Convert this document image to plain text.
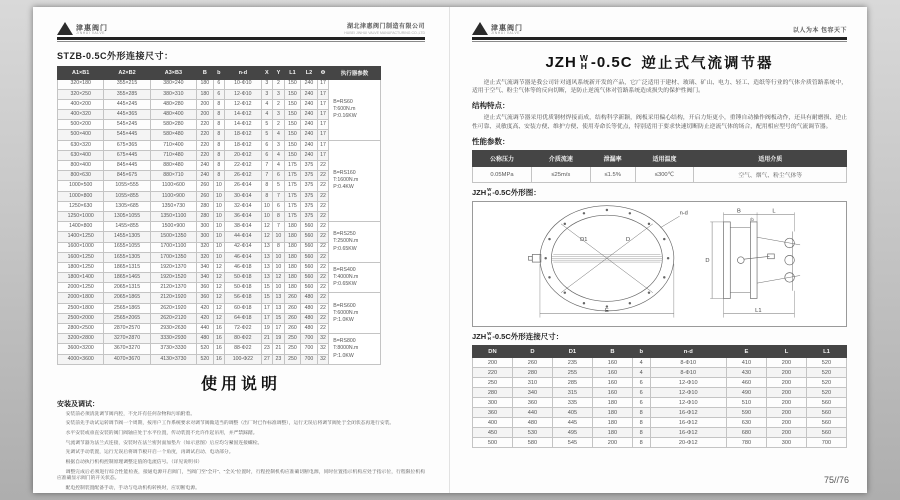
津惠阀门
JINHUI VALVE
湖北津惠阀门制造有限公司
HUBEI JINHUI VALVE MANUFACTURING CO.,LTD
STZB-0.5C外形连接尺寸：
A1×B1	A2×B2	A3×B3	B	b	n-d	X	Y	L1	L2	Φ	执行器参数
320×180	355×215	380×240	180	6	10-Φ10	3	2	150	240	17	B=RS60
T:600N.m
P:0.16KW

320×250	355×285	380×310	180	6	12-Φ10	3	3	150	240	17	
400×200	445×245	480×280	200	8	12-Φ12	4	2	150	240	17	
400×320	445×365	480×400	200	8	14-Φ12	4	3	150	240	17	
500×200	545×245	580×280	220	8	14-Φ12	5	2	150	240	17	
500×400	545×445	580×480	220	8	18-Φ12	5	4	150	240	17	
630×320	675×365	710×400	220	8	18-Φ12	6	3	150	240	17	B=RS160
T:1600N.m
P:0.4KW

630×400	675×445	710×480	220	8	20-Φ12	6	4	150	240	17	
800×400	845×445	880×480	240	8	22-Φ12	7	4	175	375	22	
800×630	845×675	880×710	240	8	26-Φ12	7	6	175	375	22	
1000×500	1055×555	1100×600	260	10	26-Φ14	8	5	175	375	22	
1000×800	1055×855	1100×900	260	10	30-Φ14	8	7	175	375	22	
1250×630	1305×685	1350×730	280	10	32-Φ14	10	6	175	375	22	
1250×1000	1305×1055	1350×1100	280	10	36-Φ14	10	8	175	375	22	
1400×800	1455×855	1500×900	300	10	38-Φ14	12	7	180	560	22	B=RS250
T:2500N.m
P:0.65KW

1400×1250	1455×1305	1500×1350	300	10	44-Φ14	12	10	180	560	22	
1600×1000	1655×1055	1700×1100	320	10	42-Φ14	13	8	180	560	22	
1600×1250	1655×1305	1700×1350	320	10	46-Φ14	13	10	180	560	22	
1800×1250	1865×1315	1920×1370	340	12	46-Φ18	13	10	180	560	22	B=RS400
T:4000N.m
P:0.65KW

1800×1400	1865×1465	1920×1520	340	12	50-Φ18	13	12	180	560	22	
2000×1250	2065×1315	2120×1370	360	12	50-Φ18	15	10	180	560	22	
2000×1800	2065×1865	2120×1920	360	12	56-Φ18	15	13	260	480	22	B=RS600
T:6000N.m
P:1.0KW

2500×1800	2565×1865	2620×1920	420	12	60-Φ18	17	13	260	480	22	
2500×2000	2565×2065	2620×2120	420	12	64-Φ18	17	15	260	480	22	
2800×2500	2870×2570	2930×2630	440	16	72-Φ22	19	17	260	480	22	
3200×2800	3270×2870	3330×2930	480	16	80-Φ22	21	19	250	700	32	B=RS800
T:8000N.m
P:1.0KW

3600×3200	3670×3270	3730×3330	520	16	88-Φ22	23	21	250	700	32	
4000×3600	4070×3670	4130×3730	520	16	100-Φ22	27	23	250	700	32	
使用说明
安装及调试：

安装前必须清洗调节阀内腔，不允许有任何杂物和污垢附着。

安装前先手动试运转调节阀一个周期，按用户工作系统要求对调节阀做适当的调整（出厂时已作标准调整），运行无误后将调节阀处于全闭状态再进行安装。

水平安装或垂直安装的阀门阀轴应处于水平位置，传动装置不允许作起吊用，并严禁踩踏。

气流调节器为法兰式连接，安装时在法兰密封面加垫片（如示意图）后应均匀紧固连接螺栓。

先调试手动装置，运行无误后将调节板开启一个角度，再调试启动、电动部分。

根据自动执行机构控制原理调整定值的电流信号。（详见说明书）

调整完成后必须进行综合性能检查，接通电源开启阀门，当阀门至“全开”、“全关”位置时，行程控制机构应准确切断电源，同时位置指示机构应处于指示位，行程限位机构应准确显示阀门的开关状态。

配电控制装置配备手动，手动与电动机构转换时，应切断电源。

津惠阀门
JINHUI VALVE	以人为本 包容天下
JZH W
H -0.5C 逆止式气流调节器

逆止式气流调节器是我公司针对通风系统新开发的产品，它广泛适用于建材、玻璃、矿山、电力、轻工、造纸等行业的气体介质管路系统中，适用于空气、粉尘气体等的反向切断，是防止逆流气体对管路系统造成损失的保护性阀门。

结构特点：

逆止式气流调节器采用优质钢材焊接而成，结构科学新颖，阀板采用偏心结构，开启力矩更小，重锤自动操作阀板动作，还具有耐磨损、逆止性可靠、灵敏度高、安装方便、维护方便、使用寿命长等优点，特别适用于要求快速切断防止逆流气体的场合，配用相应型号的气流调节器。

性能参数：
公称压力	介质流速	泄漏率	适用温度	适用介质
0.05MPa	≤25m/s	≤1.5%	≤300℃	空气、烟气、粉尘气体等
JZH W
H -0.5C外形图：
n-d
D1	D
E
B
b
L
D
L1
JZH W
H -0.5C外形连接尺寸：
DN	D	D1	B	b	n-d	E	L	L1
200	260	235	160	4	8-Φ10	410	200	520
220	280	255	160	4	8-Φ10	430	200	520
250	310	285	160	6	12-Φ10	460	200	520
280	340	315	160	6	12-Φ10	490	200	520
300	360	335	180	6	12-Φ10	510	200	560
360	440	405	180	8	16-Φ12	590	200	560
400	480	445	180	8	16-Φ12	630	200	560
450	530	495	180	8	16-Φ12	680	200	560
500	580	545	200	8	20-Φ12	780	300	700
75//76
